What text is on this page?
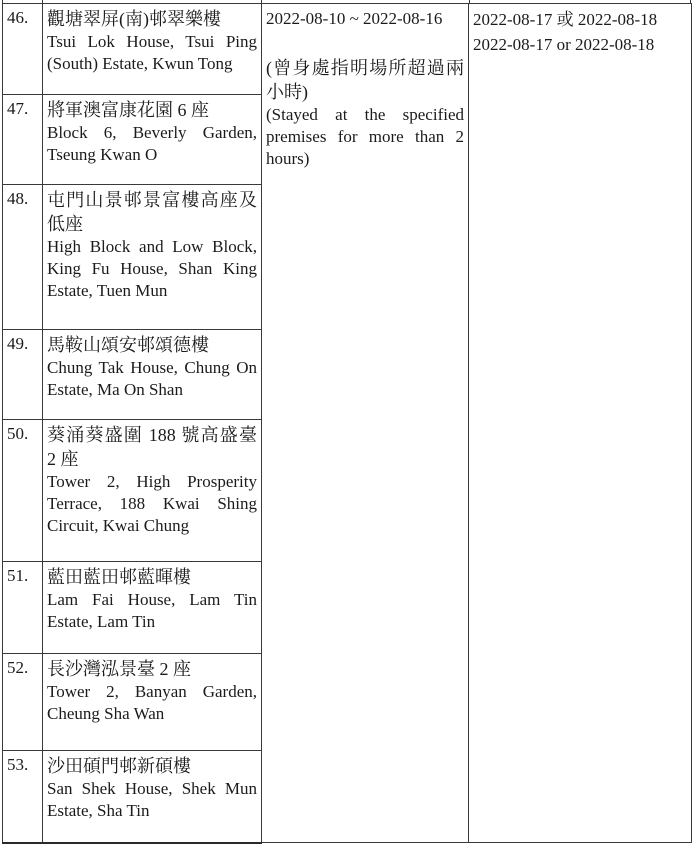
46.	觀塘翠屏(南)邨翠樂樓
Tsui Lok House, Tsui Ping (South) Estate, Kwun Tong

2022-08-10 ~ 2022-08-16
(曾身處指明場所超過兩小時)
(Stayed at the specified premises for more than 2 hours)

2022-08-17 或 2022-08-18
2022-08-17 or 2022-08-18

47.	將軍澳富康花園 6 座
Block 6, Beverly Garden, Tseung Kwan O		

48.	屯門山景邨景富樓高座及低座
High Block and Low Block, King Fu House, Shan King Estate, Tuen Mun		

49.	馬鞍山頌安邨頌德樓
Chung Tak House, Chung On Estate, Ma On Shan		

50.	葵涌葵盛圍 188 號高盛臺 2 座
Tower 2, High Prosperity Terrace, 188 Kwai Shing Circuit, Kwai Chung		

51.	藍田藍田邨藍暉樓
Lam Fai House, Lam Tin Estate, Lam Tin		

52.	長沙灣泓景臺 2 座
Tower 2, Banyan Garden, Cheung Sha Wan		

53.	沙田碩門邨新碩樓
San Shek House, Shek Mun Estate, Sha Tin		
